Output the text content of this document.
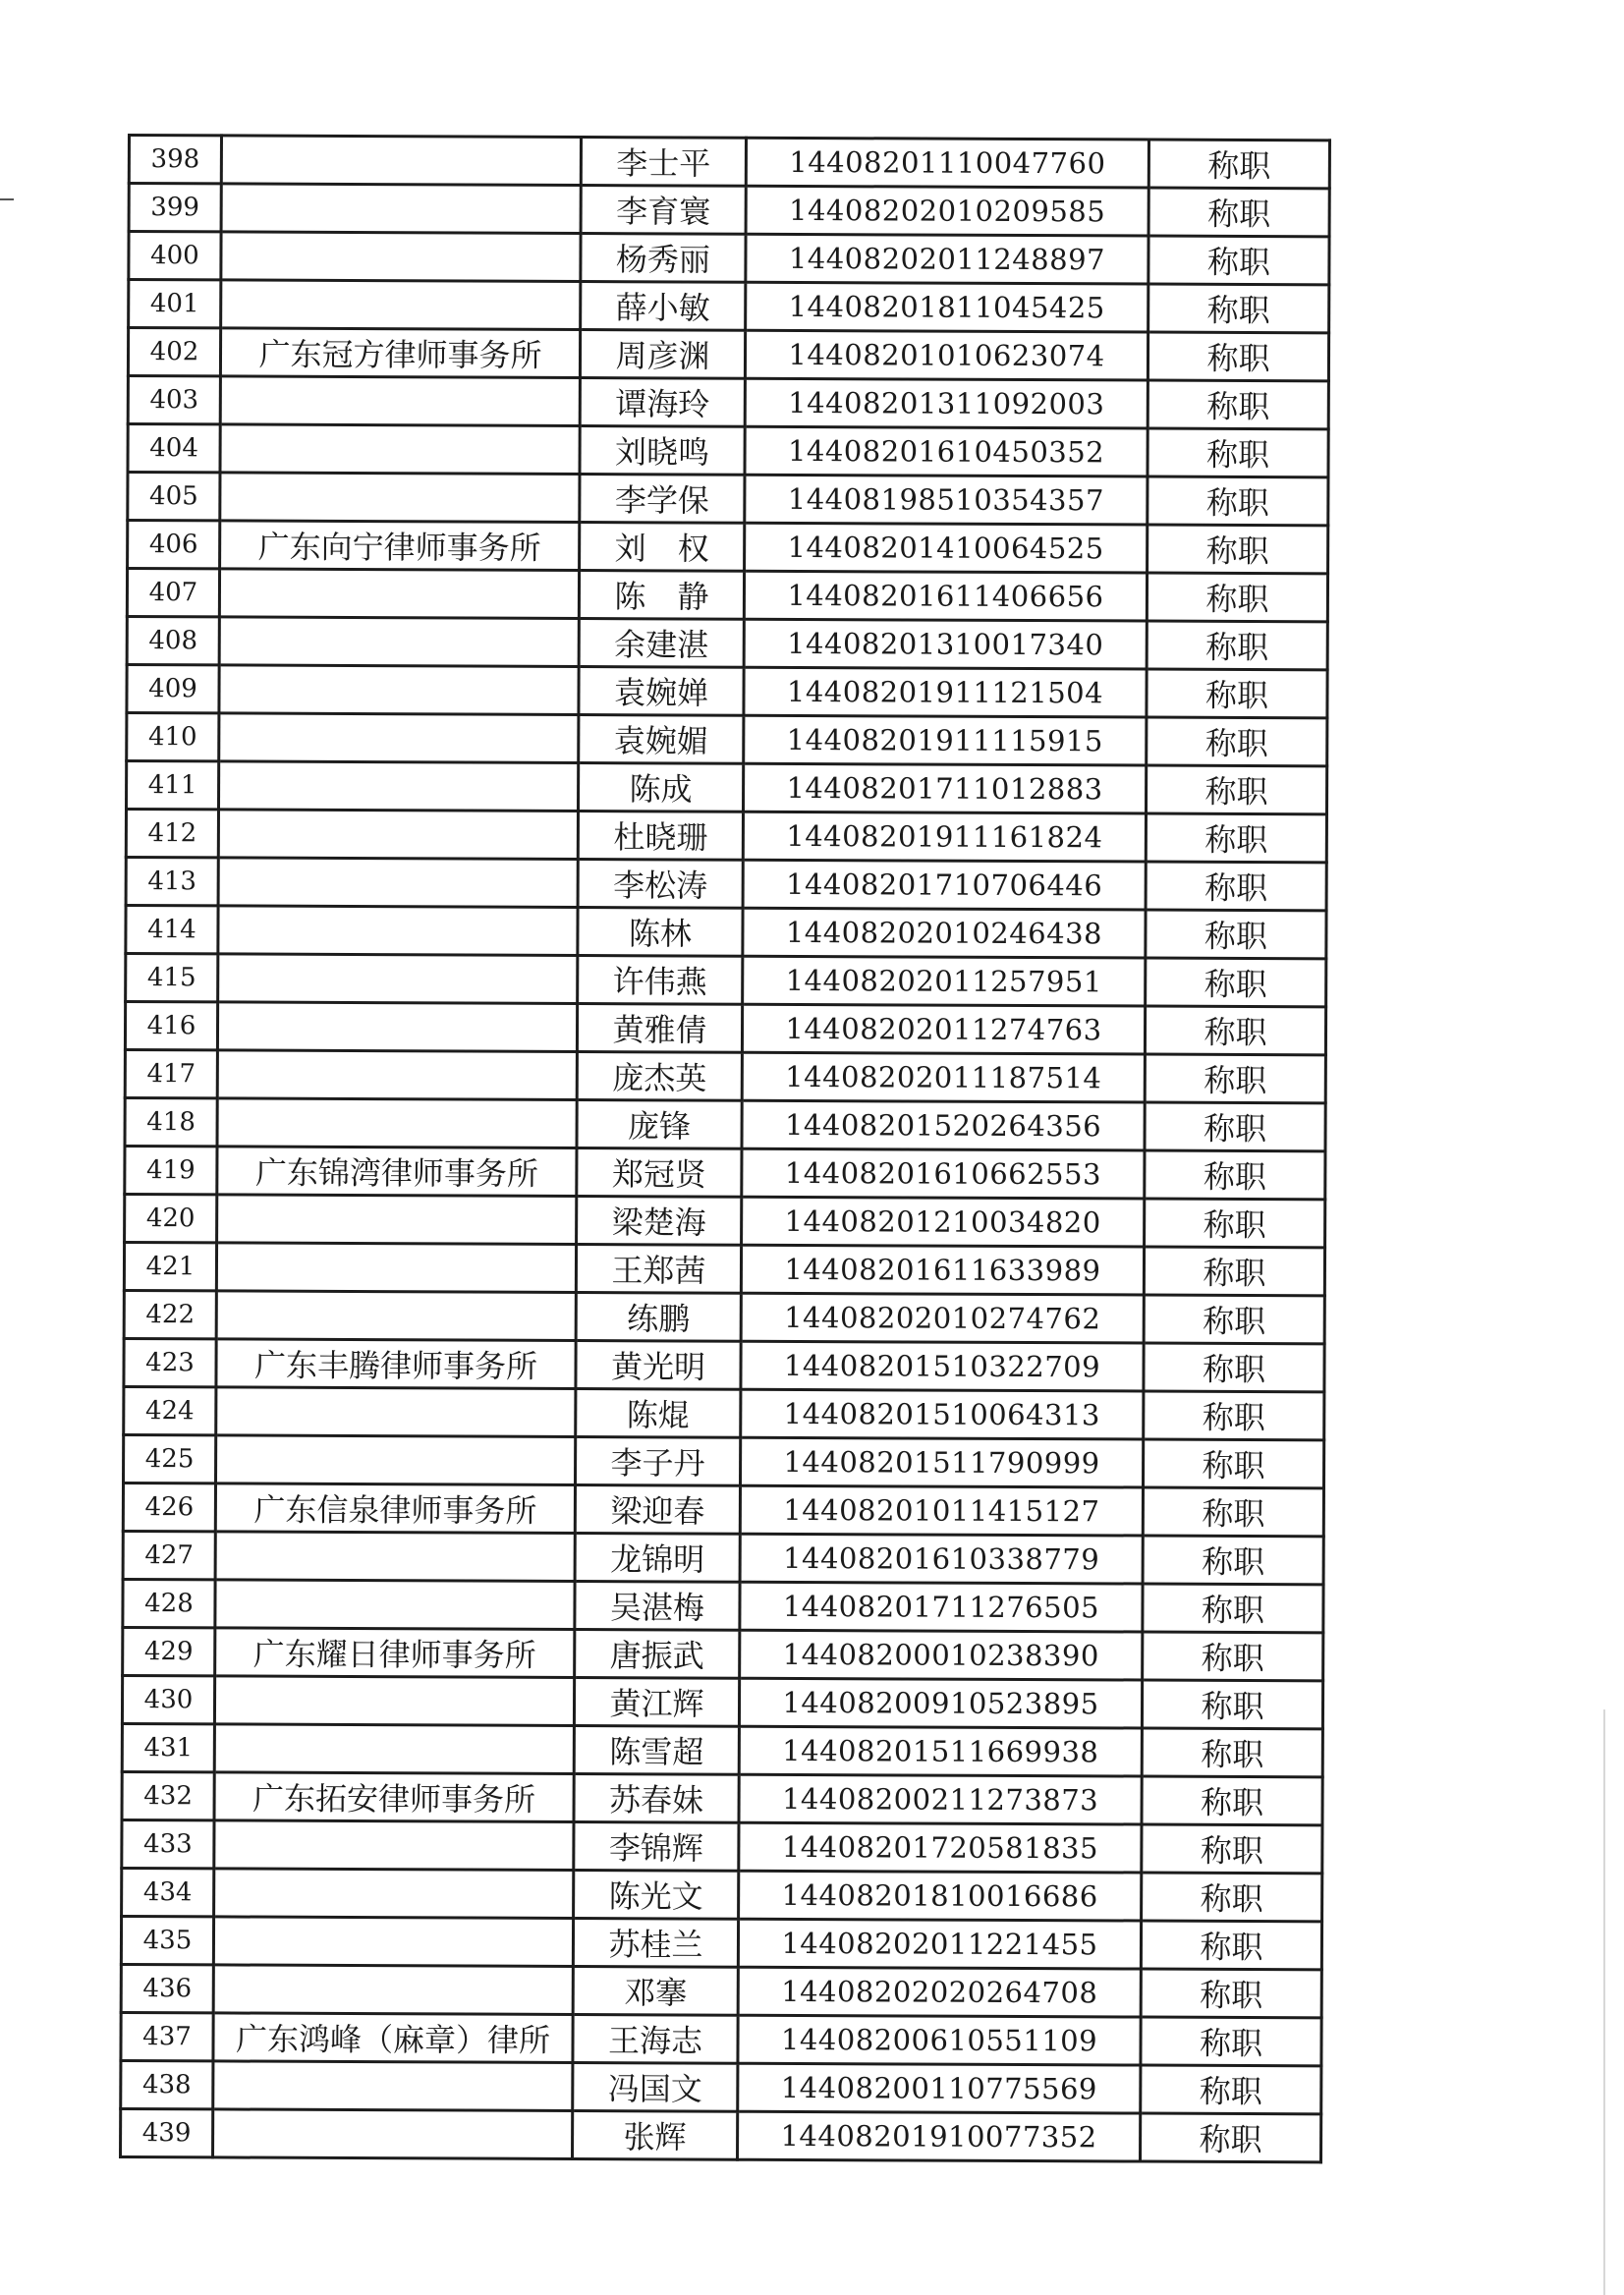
398		李士平	14408201110047760	称职
399		李育寰	14408202010209585	称职
400		杨秀丽	14408202011248897	称职
401		薛小敏	14408201811045425	称职
402	广东冠方律师事务所	周彦渊	14408201010623074	称职
403		谭海玲	14408201311092003	称职
404		刘晓鸣	14408201610450352	称职
405		李学保	14408198510354357	称职
406	广东向宁律师事务所	刘　权	14408201410064525	称职
407		陈　静	14408201611406656	称职
408		余建湛	14408201310017340	称职
409		袁婉婵	14408201911121504	称职
410		袁婉媚	14408201911115915	称职
411		陈成	14408201711012883	称职
412		杜晓珊	14408201911161824	称职
413		李松涛	14408201710706446	称职
414		陈林	14408202010246438	称职
415		许伟燕	14408202011257951	称职
416		黄雅倩	14408202011274763	称职
417		庞杰英	14408202011187514	称职
418		庞锋	14408201520264356	称职
419	广东锦湾律师事务所	郑冠贤	14408201610662553	称职
420		梁楚海	14408201210034820	称职
421		王郑茜	14408201611633989	称职
422		练鹏	14408202010274762	称职
423	广东丰腾律师事务所	黄光明	14408201510322709	称职
424		陈焜	14408201510064313	称职
425		李子丹	14408201511790999	称职
426	广东信泉律师事务所	梁迎春	14408201011415127	称职
427		龙锦明	14408201610338779	称职
428		吴湛梅	14408201711276505	称职
429	广东耀日律师事务所	唐振武	14408200010238390	称职
430		黄江辉	14408200910523895	称职
431		陈雪超	14408201511669938	称职
432	广东拓安律师事务所	苏春妹	14408200211273873	称职
433		李锦辉	14408201720581835	称职
434		陈光文	14408201810016686	称职
435		苏桂兰	14408202011221455	称职
436		邓搴	14408202020264708	称职
437	广东鸿峰（麻章）律所	王海志	14408200610551109	称职
438		冯国文	14408200110775569	称职
439		张辉	14408201910077352	称职
